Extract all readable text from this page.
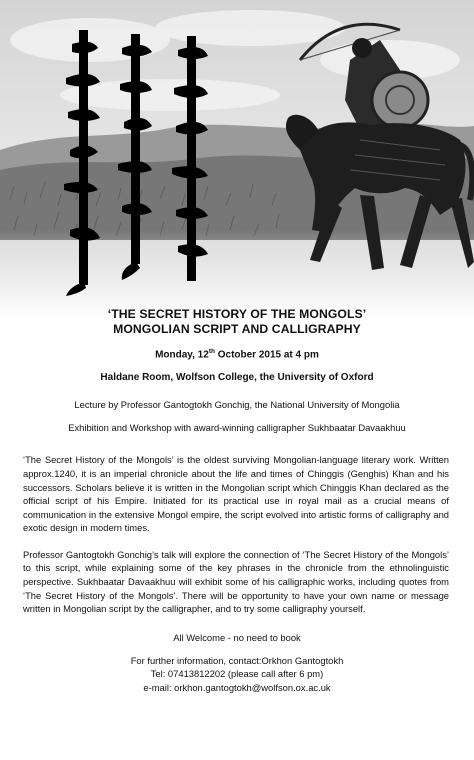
‘THE SECRET HISTORY OF THE MONGOLS’
MONGOLIAN SCRIPT AND CALLIGRAPHY
Monday, 12th October 2015 at 4 pm
Haldane Room, Wolfson College, the University of Oxford
Lecture by Professor Gantogtokh Gonchig, the National University of Mongolia
Exhibition and Workshop with award-winning calligrapher Sukhbaatar Davaakhuu

‘The Secret History of the Mongols’ is the oldest surviving Mongolian-language literary work. Written approx.1240, it is an imperial chronicle about the life and times of Chinggis (Genghis) Khan and his successors. Scholars believe it is written in the Mongolian script which Chinggis Khan declared as the official script of his Empire. Initiated for its practical use in royal mail as a crucial means of communication in the extensive Mongol empire, the script evolved into artistic forms of calligraphy and exotic design in modern times.

Professor Gantogtokh Gonchig’s talk will explore the connection of ‘The Secret History of the Mongols’ to this script, while explaining some of the key phrases in the chronicle from the ethnolinguistic perspective. Sukhbaatar Davaakhuu will exhibit some of his calligraphic works, including quotes from ‘The Secret History of the Mongols’. There will be opportunity to have your own name or message written in Mongolian script by the calligrapher, and to try some calligraphy yourself.

All Welcome - no need to book
For further information, contact:Orkhon Gantogtokh
Tel: 07413812202 (please call after 6 pm)
e-mail: orkhon.gantogtokh@wolfson.ox.ac.uk
